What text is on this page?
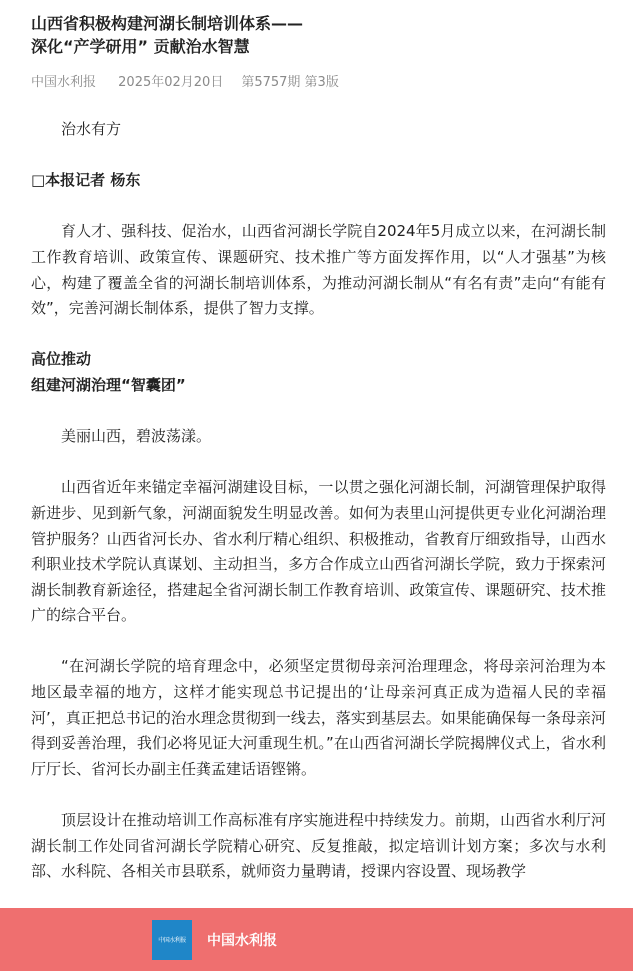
山西省积极构建河湖长制培训体系——
深化“产学研用” 贡献治水智慧
中国水利报 2025年02月20日 第5757期 第3版

治水有方

□本报记者 杨东

育人才、强科技、促治水，山西省河湖长学院自2024年5月成立以来，在河湖长制工作教育培训、政策宣传、课题研究、技术推广等方面发挥作用，以“人才强基”为核心，构建了覆盖全省的河湖长制培训体系，为推动河湖长制从“有名有责”走向“有能有效”，完善河湖长制体系，提供了智力支撑。

高位推动
组建河湖治理“智囊团”

美丽山西，碧波荡漾。

山西省近年来锚定幸福河湖建设目标，一以贯之强化河湖长制，河湖管理保护取得新进步、见到新气象，河湖面貌发生明显改善。如何为表里山河提供更专业化河湖治理管护服务？山西省河长办、省水利厅精心组织、积极推动，省教育厅细致指导，山西水利职业技术学院认真谋划、主动担当，多方合作成立山西省河湖长学院，致力于探索河湖长制教育新途径，搭建起全省河湖长制工作教育培训、政策宣传、课题研究、技术推广的综合平台。

“在河湖长学院的培育理念中，必须坚定贯彻母亲河治理理念，将母亲河治理为本地区最幸福的地方，这样才能实现总书记提出的‘让母亲河真正成为造福人民的幸福河’，真正把总书记的治水理念贯彻到一线去，落实到基层去。如果能确保每一条母亲河得到妥善治理，我们必将见证大河重现生机。”在山西省河湖长学院揭牌仪式上，省水利厅厅长、省河长办副主任龚孟建话语铿锵。

顶层设计在推动培训工作高标准有序实施进程中持续发力。前期，山西省水利厅河湖长制工作处同省河湖长学院精心研究、反复推敲，拟定培训计划方案；多次与水利部、水科院、各相关市县联系，就师资力量聘请，授课内容设置、现场教学

中国水利报 中国水利报
